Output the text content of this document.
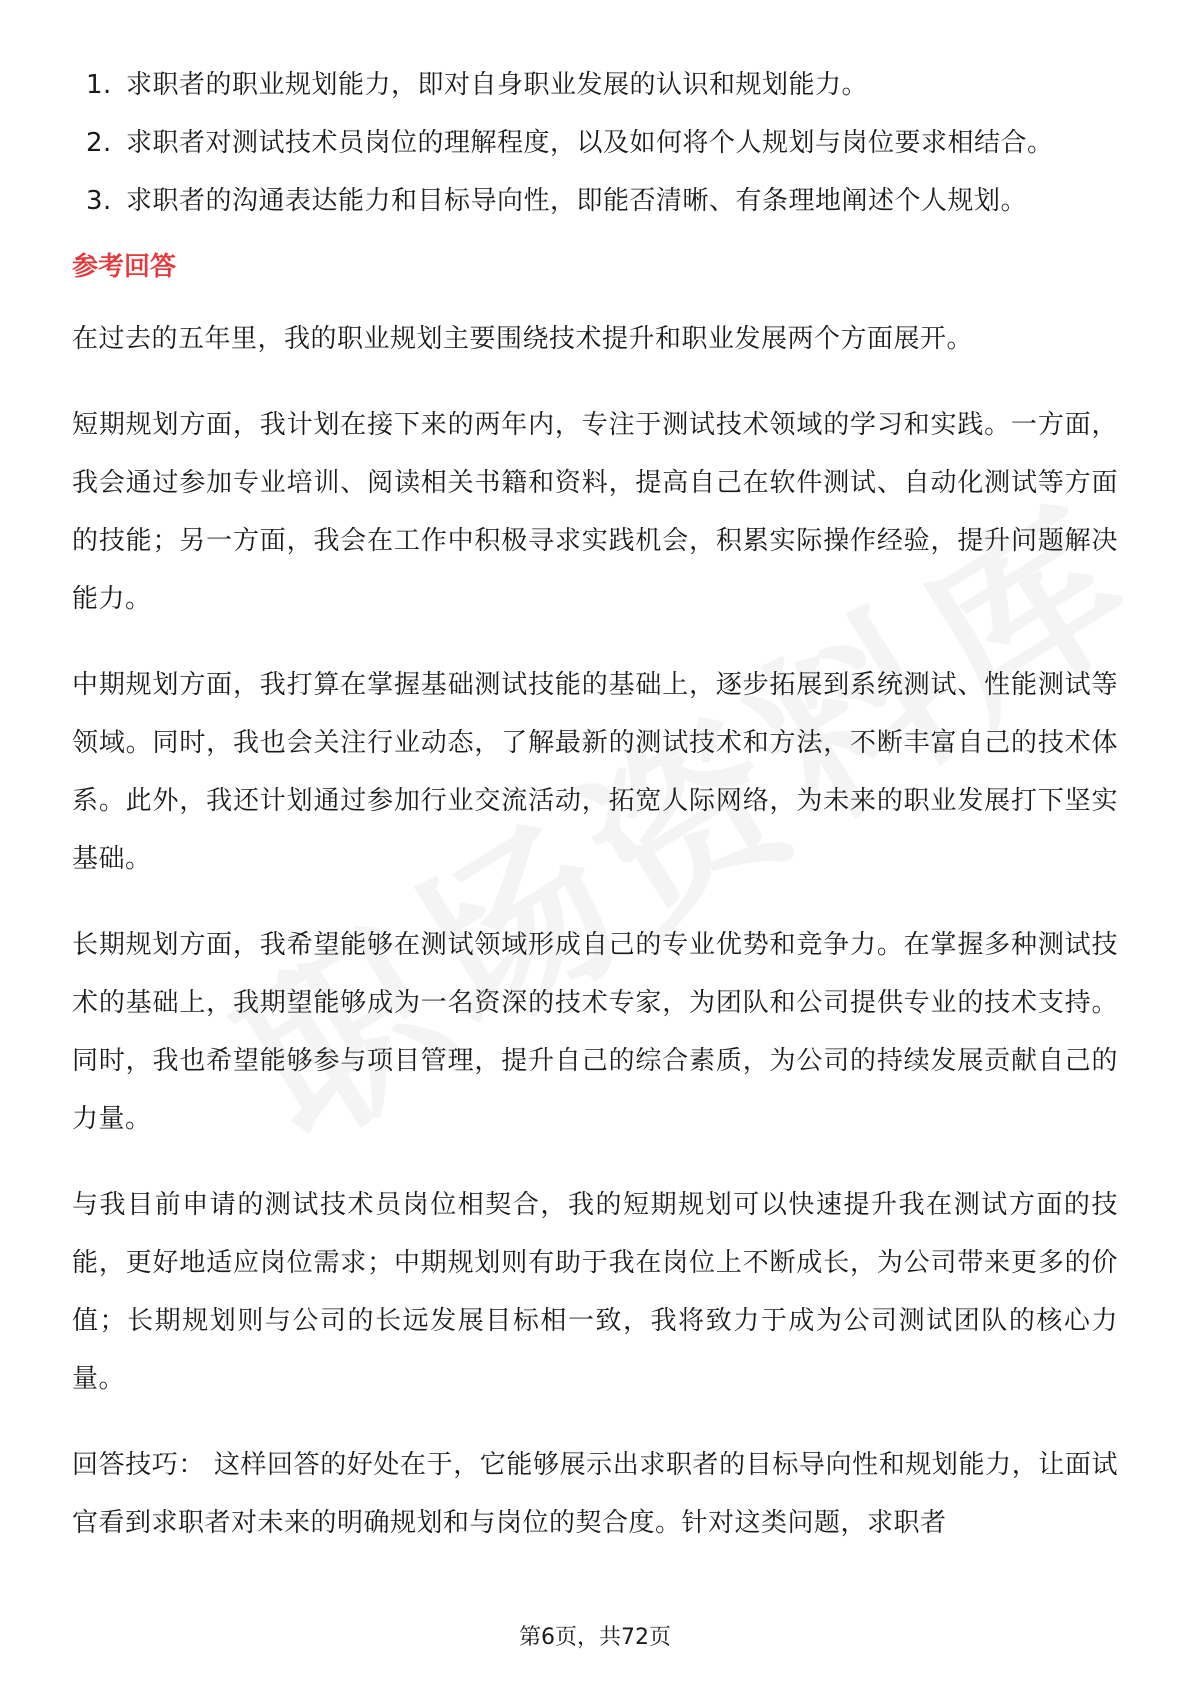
1. 求职者的职业规划能力，即对自身职业发展的认识和规划能力。
2. 求职者对测试技术员岗位的理解程度，以及如何将个人规划与岗位要求相结合。
3. 求职者的沟通表达能力和目标导向性，即能否清晰、有条理地阐述个人规划。
参考回答

在过去的五年里，我的职业规划主要围绕技术提升和职业发展两个方面展开。

短期规划方面，我计划在接下来的两年内，专注于测试技术领域的学习和实践。一方面，我会通过参加专业培训、阅读相关书籍和资料，提高自己在软件测试、自动化测试等方面的技能；另一方面，我会在工作中积极寻求实践机会，积累实际操作经验，提升问题解决能力。

中期规划方面，我打算在掌握基础测试技能的基础上，逐步拓展到系统测试、性能测试等领域。同时，我也会关注行业动态，了解最新的测试技术和方法，不断丰富自己的技术体系。此外，我还计划通过参加行业交流活动，拓宽人际网络，为未来的职业发展打下坚实基础。

长期规划方面，我希望能够在测试领域形成自己的专业优势和竞争力。在掌握多种测试技术的基础上，我期望能够成为一名资深的技术专家，为团队和公司提供专业的技术支持。同时，我也希望能够参与项目管理，提升自己的综合素质，为公司的持续发展贡献自己的力量。

与我目前申请的测试技术员岗位相契合，我的短期规划可以快速提升我在测试方面的技能，更好地适应岗位需求；中期规划则有助于我在岗位上不断成长，为公司带来更多的价值；长期规划则与公司的长远发展目标相一致，我将致力于成为公司测试团队的核心力量。

回答技巧： 这样回答的好处在于，它能够展示出求职者的目标导向性和规划能力，让面试官看到求职者对未来的明确规划和与岗位的契合度。针对这类问题，求职者

第6页，共72页
